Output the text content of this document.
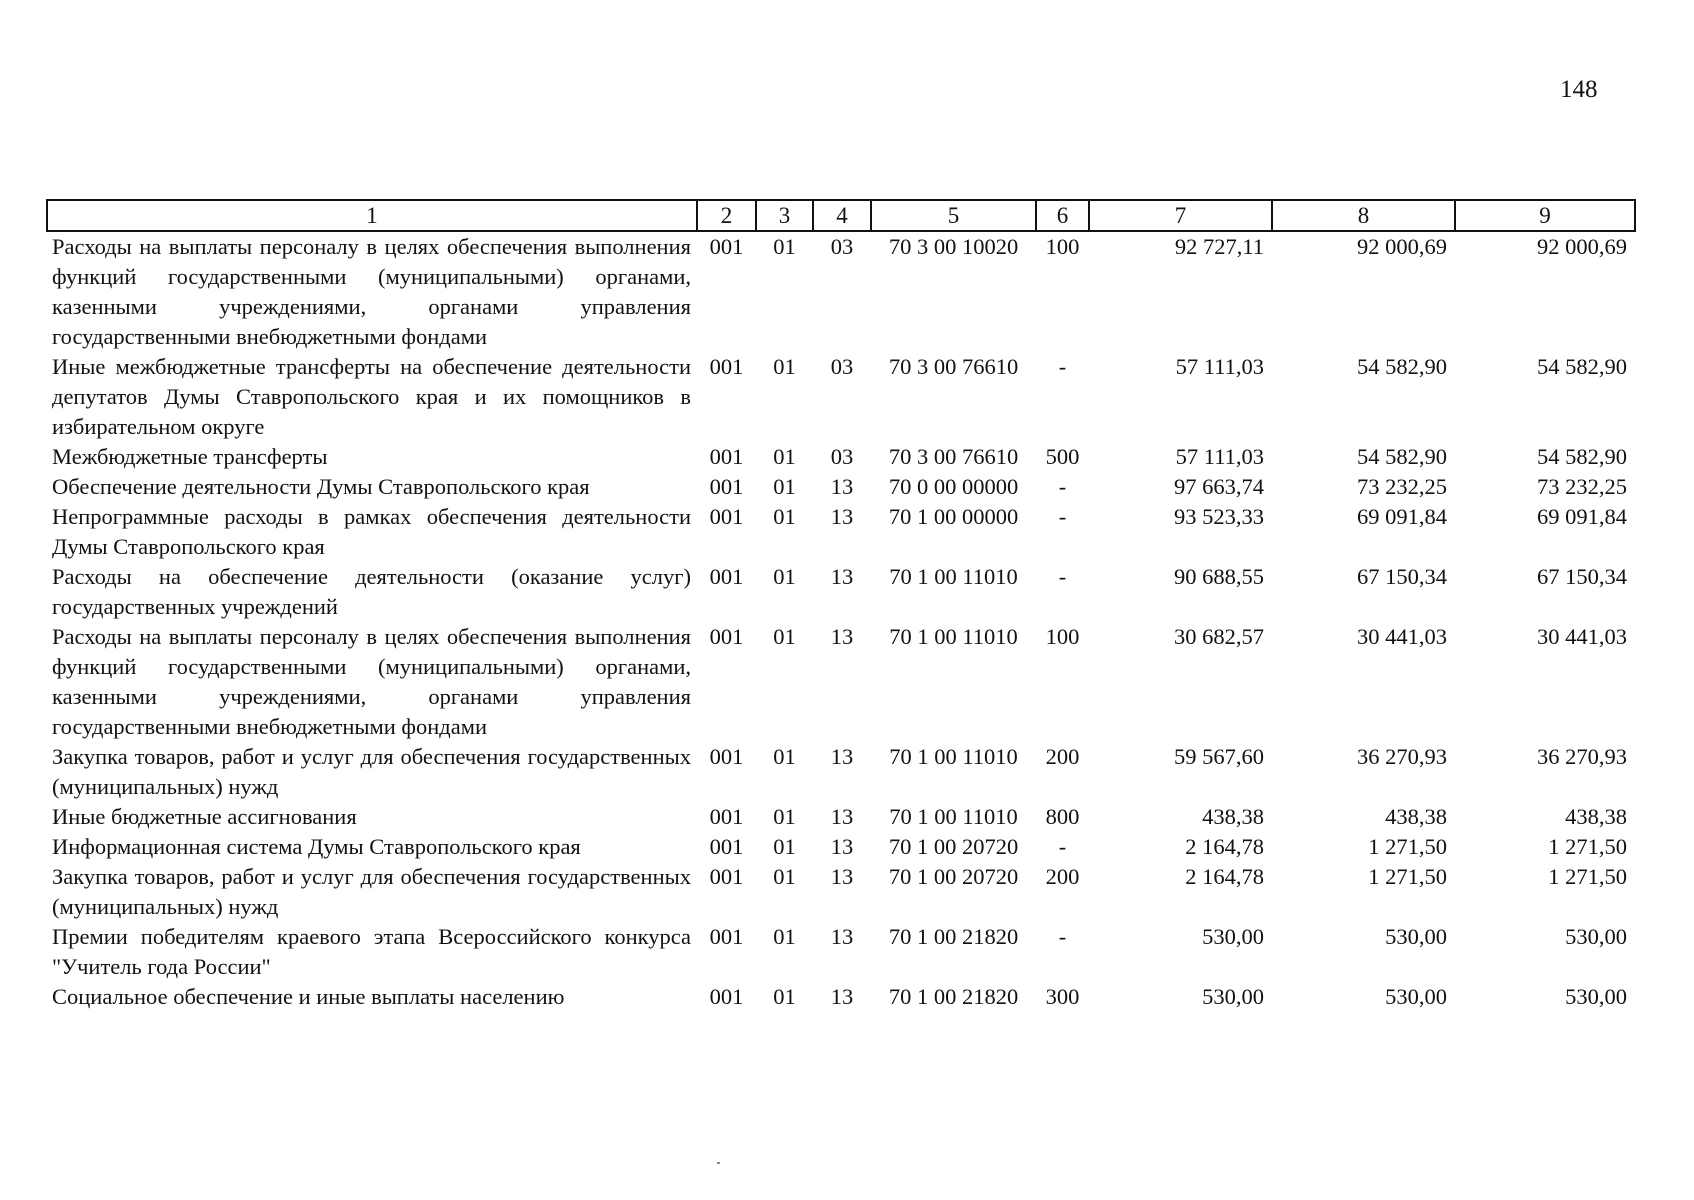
148
1	2	3	4	5	6	7	8	9
Расходы на выплаты персоналу в целях обеспечения выполнения функций государственными (муниципальными) органами, казенными учреждениями, органами управления государственными внебюджетными фондами	001	01	03	70 3 00 10020	100	92 727,11	92 000,69	92 000,69
Иные межбюджетные трансферты на обеспечение деятельности депутатов Думы Ставропольского края и их помощников в избирательном округе	001	01	03	70 3 00 76610	-	57 111,03	54 582,90	54 582,90
Межбюджетные трансферты	001	01	03	70 3 00 76610	500	57 111,03	54 582,90	54 582,90
Обеспечение деятельности Думы Ставропольского края	001	01	13	70 0 00 00000	-	97 663,74	73 232,25	73 232,25
Непрограммные расходы в рамках обеспечения деятельности Думы Ставропольского края	001	01	13	70 1 00 00000	-	93 523,33	69 091,84	69 091,84
Расходы на обеспечение деятельности (оказание услуг) государственных учреждений	001	01	13	70 1 00 11010	-	90 688,55	67 150,34	67 150,34
Расходы на выплаты персоналу в целях обеспечения выполнения функций государственными (муниципальными) органами, казенными учреждениями, органами управления государственными внебюджетными фондами	001	01	13	70 1 00 11010	100	30 682,57	30 441,03	30 441,03
Закупка товаров, работ и услуг для обеспечения государственных (муниципальных) нужд	001	01	13	70 1 00 11010	200	59 567,60	36 270,93	36 270,93
Иные бюджетные ассигнования	001	01	13	70 1 00 11010	800	438,38	438,38	438,38
Информационная система Думы Ставропольского края	001	01	13	70 1 00 20720	-	2 164,78	1 271,50	1 271,50
Закупка товаров, работ и услуг для обеспечения государственных (муниципальных) нужд	001	01	13	70 1 00 20720	200	2 164,78	1 271,50	1 271,50
Премии победителям краевого этапа Всероссийского конкурса "Учитель года России"	001	01	13	70 1 00 21820	-	530,00	530,00	530,00
Социальное обеспечение и иные выплаты населению	001	01	13	70 1 00 21820	300	530,00	530,00	530,00
